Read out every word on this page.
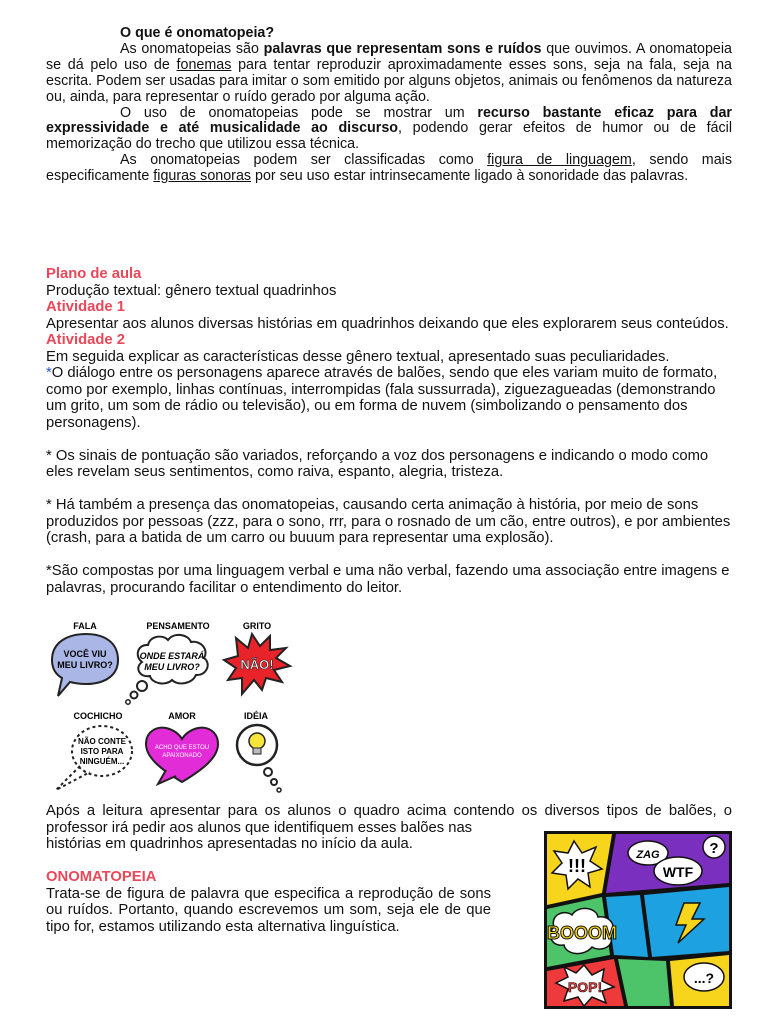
O que é onomatopeia?

As onomatopeias são palavras que representam sons e ruídos que ouvimos. A onomatopeia se dá pelo uso de fonemas para tentar reproduzir aproximadamente esses sons, seja na fala, seja na escrita. Podem ser usadas para imitar o som emitido por alguns objetos, animais ou fenômenos da natureza ou, ainda, para representar o ruído gerado por alguma ação.

O uso de onomatopeias pode se mostrar um recurso bastante eficaz para dar expressividade e até musicalidade ao discurso, podendo gerar efeitos de humor ou de fácil memorização do trecho que utilizou essa técnica.

As onomatopeias podem ser classificadas como figura de linguagem, sendo mais especificamente figuras sonoras por seu uso estar intrinsecamente ligado à sonoridade das palavras.

Plano de aula

Produção textual: gênero textual quadrinhos

Atividade 1

Apresentar aos alunos diversas histórias em quadrinhos deixando que eles explorarem seus conteúdos.

Atividade 2

Em seguida explicar as características desse gênero textual, apresentado suas peculiaridades.

*O diálogo entre os personagens aparece através de balões, sendo que eles variam muito de formato, como por exemplo, linhas contínuas, interrompidas (fala sussurrada), ziguezagueadas (demonstrando um grito, um som de rádio ou televisão), ou em forma de nuvem (simbolizando o pensamento dos personagens).

* Os sinais de pontuação são variados, reforçando a voz dos personagens e indicando o modo como eles revelam seus sentimentos, como raiva, espanto, alegria, tristeza.

* Há também a presença das onomatopeias, causando certa animação à história, por meio de sons produzidos por pessoas (zzz, para o sono, rrr, para o rosnado de um cão, entre outros), e por ambientes (crash, para a batida de um carro ou buuum para representar uma explosão).

*São compostas por uma linguagem verbal e uma não verbal, fazendo uma associação entre imagens e palavras, procurando facilitar o entendimento do leitor.

FALA
VOCÊ VIU
MEU LIVRO?
PENSAMENTO
ONDE ESTARÁ
MEU LIVRO?
GRITO
NÃO!
COCHICHO
NÃO CONTE
ISTO PARA
NINGUÉM...
AMOR
ACHO QUE ESTOU
APAIXONADO
IDÉIA

Após a leitura apresentar para os alunos o quadro acima contendo os diversos tipos de balões, o professor irá pedir aos alunos que identifiquem esses balões nas

histórias em quadrinhos apresentadas no início da aula.

ONOMATOPEIA

Trata-se de figura de palavra que especifica a reprodução de sons ou ruídos. Portanto, quando escrevemos um som, seja ele de que tipo for, estamos utilizando esta alternativa linguística.

!!!
ZAG
WTF
?
BOOOM
POP!
...?
